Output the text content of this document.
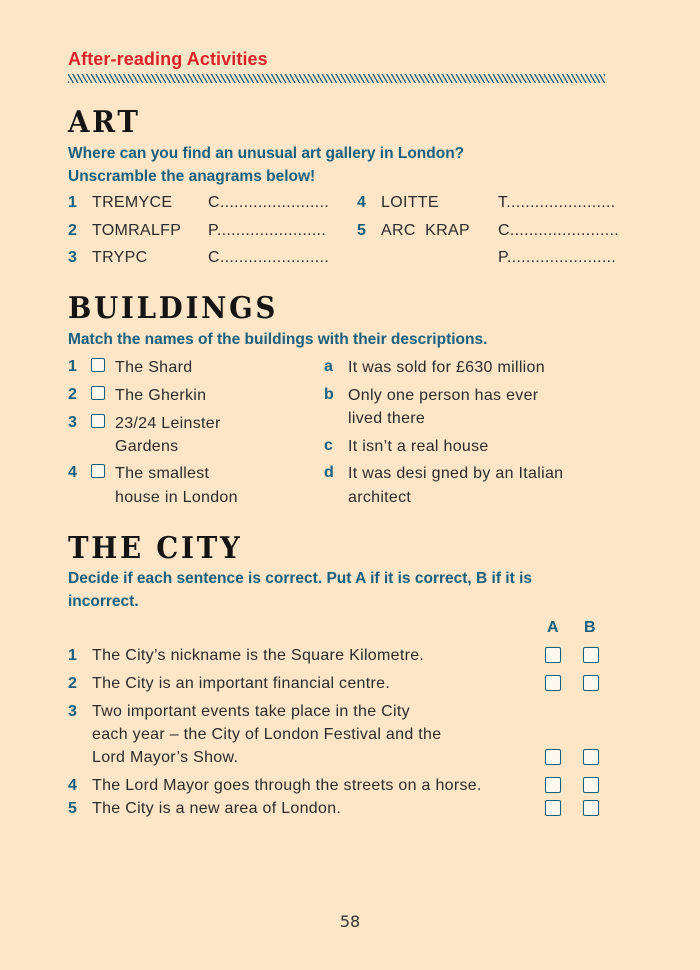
After-reading Activities
ART
Where can you find an unusual art gallery in London?
Unscramble the anagrams below!
1 TREMYCE C.......................
2 TOMRALFP P.......................
3 TRYPC	C.......................
4 LOITTE	T.......................
5 ARC  KRAP C.......................
P.......................
BUILDINGS
Match the names of the buildings with their descriptions.
1 The Shard
2 The Gherkin
3 23/24 Leinster
Gardens
4 The smallest
house in London
a It was sold for £630 million
b Only one person has ever
lived there
c It isn’t a real house
d It was desi gned by an Italian
architect
THE CITY
Decide if each sentence is correct. Put A if it is correct, B if it is
incorrect.
A B
1 The City’s nickname is the Square Kilometre.
2 The City is an important financial centre.
3 Two important events take place in the City
each year – the City of London Festival and the
Lord Mayor’s Show.
4 The Lord Mayor goes through the streets on a horse.
5 The City is a new area of London.
58
